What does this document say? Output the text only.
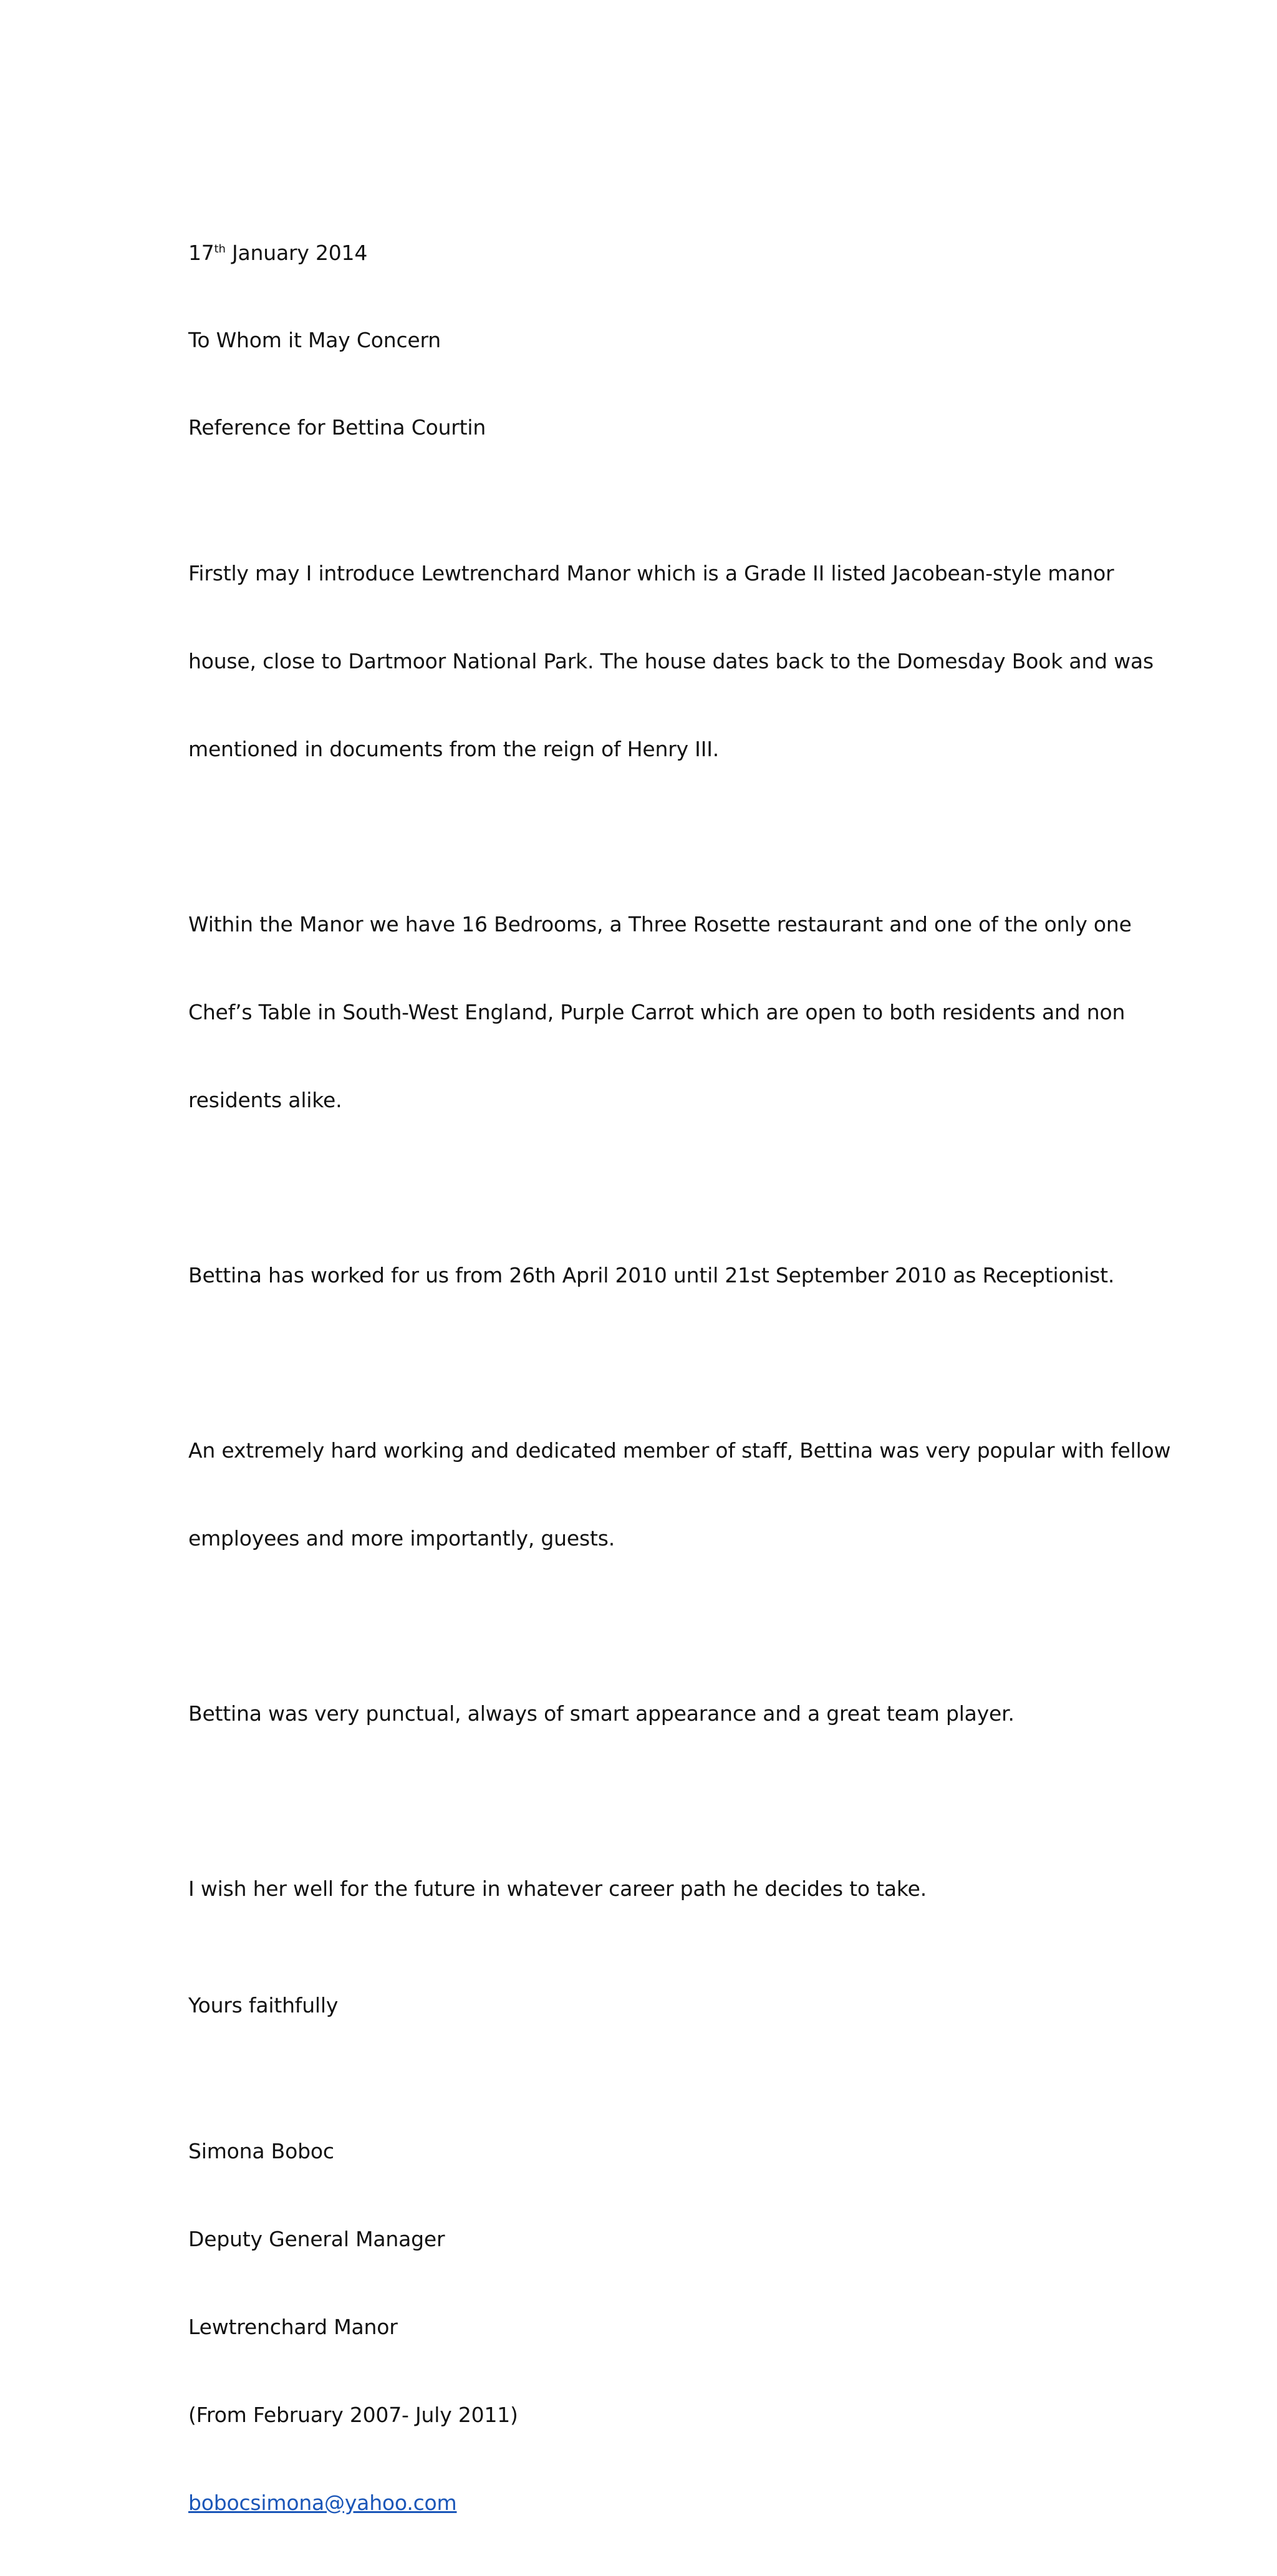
17th January 2014
To Whom it May Concern
Reference for Bettina Courtin

Firstly may I introduce Lewtrenchard Manor which is a Grade II listed Jacobean-style manor

house, close to Dartmoor National Park. The house dates back to the Domesday Book and was

mentioned in documents from the reign of Henry III.

Within the Manor we have 16 Bedrooms, a Three Rosette restaurant and one of the only one

Chef’s Table in South-West England, Purple Carrot which are open to both residents and non

residents alike.

Bettina has worked for us from 26th April 2010 until 21st September 2010 as Receptionist.

An extremely hard working and dedicated member of staff, Bettina was very popular with fellow

employees and more importantly, guests.

Bettina was very punctual, always of smart appearance and a great team player.

I wish her well for the future in whatever career path he decides to take.

Yours faithfully

Simona Boboc

Deputy General Manager

Lewtrenchard Manor

(From February 2007- July 2011)

bobocsimona@yahoo.com
